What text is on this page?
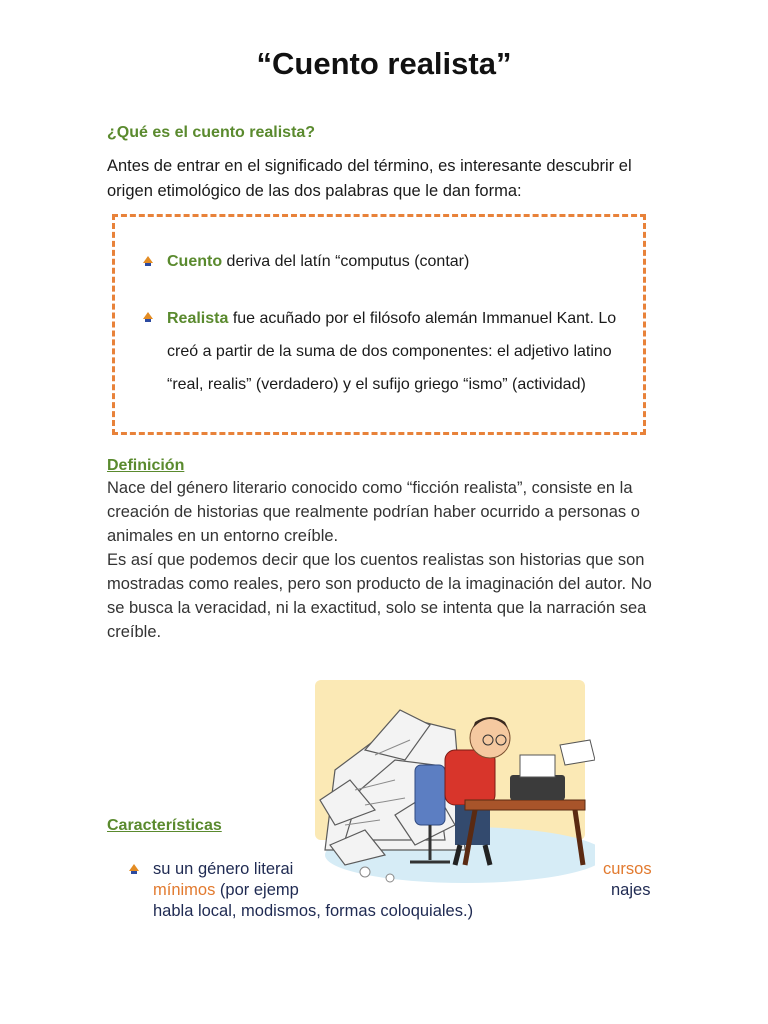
“Cuento realista”
¿Qué es el cuento realista?
Antes de entrar en el significado del término, es interesante descubrir el origen etimológico de las dos palabras que le dan forma:
Cuento deriva del latín “computus (contar)
Realista fue acuñado por el filósofo alemán Immanuel Kant. Lo creó a partir de la suma de dos componentes: el adjetivo latino “real, realis” (verdadero) y el sufijo griego “ismo” (actividad)
Definición
Nace del género literario conocido como “ficción realista”, consiste en la creación de historias que realmente podrían haber ocurrido a personas o animales en un entorno creíble.
Es así que podemos decir que los cuentos realistas son historias que son mostradas como reales, pero son producto de la imaginación del autor. No se busca la veracidad, ni la exactitud, solo se intenta que la narración sea creíble.
Características
su un género literai	cursos
mínimos (por ejemp	najes
habla local, modismos, formas coloquiales.)
